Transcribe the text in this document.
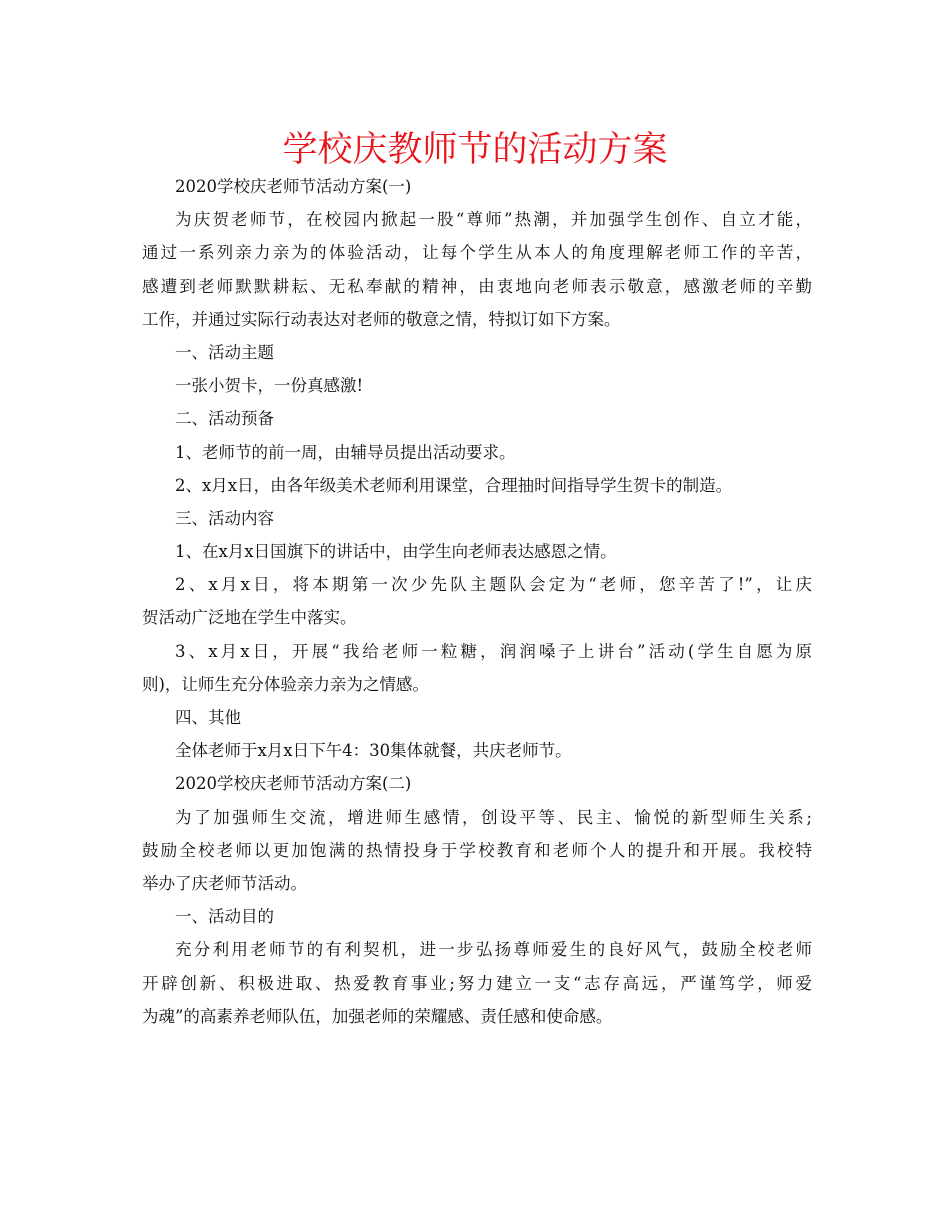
学校庆教师节的活动方案
2020学校庆老师节活动方案(一)
为庆贺老师节，在校园内掀起一股“尊师”热潮，并加强学生创作、自立才能，
通过一系列亲力亲为的体验活动，让每个学生从本人的角度理解老师工作的辛苦，
感遭到老师默默耕耘、无私奉献的精神，由衷地向老师表示敬意，感激老师的辛勤
工作，并通过实际行动表达对老师的敬意之情，特拟订如下方案。
一、活动主题
一张小贺卡，一份真感激!
二、活动预备
1、老师节的前一周，由辅导员提出活动要求。
2、x月x日，由各年级美术老师利用课堂，合理抽时间指导学生贺卡的制造。
三、活动内容
1、在x月x日国旗下的讲话中，由学生向老师表达感恩之情。
2、x月x日，将本期第一次少先队主题队会定为“老师，您辛苦了!”，让庆
贺活动广泛地在学生中落实。
3、x月x日，开展“我给老师一粒糖，润润嗓子上讲台”活动(学生自愿为原
则)，让师生充分体验亲力亲为之情感。
四、其他
全体老师于x月x日下午4：30集体就餐，共庆老师节。
2020学校庆老师节活动方案(二)
为了加强师生交流，增进师生感情，创设平等、民主、愉悦的新型师生关系;
鼓励全校老师以更加饱满的热情投身于学校教育和老师个人的提升和开展。我校特
举办了庆老师节活动。
一、活动目的
充分利用老师节的有利契机，进一步弘扬尊师爱生的良好风气，鼓励全校老师
开辟创新、积极进取、热爱教育事业;努力建立一支“志存高远，严谨笃学，师爱
为魂”的高素养老师队伍，加强老师的荣耀感、责任感和使命感。
